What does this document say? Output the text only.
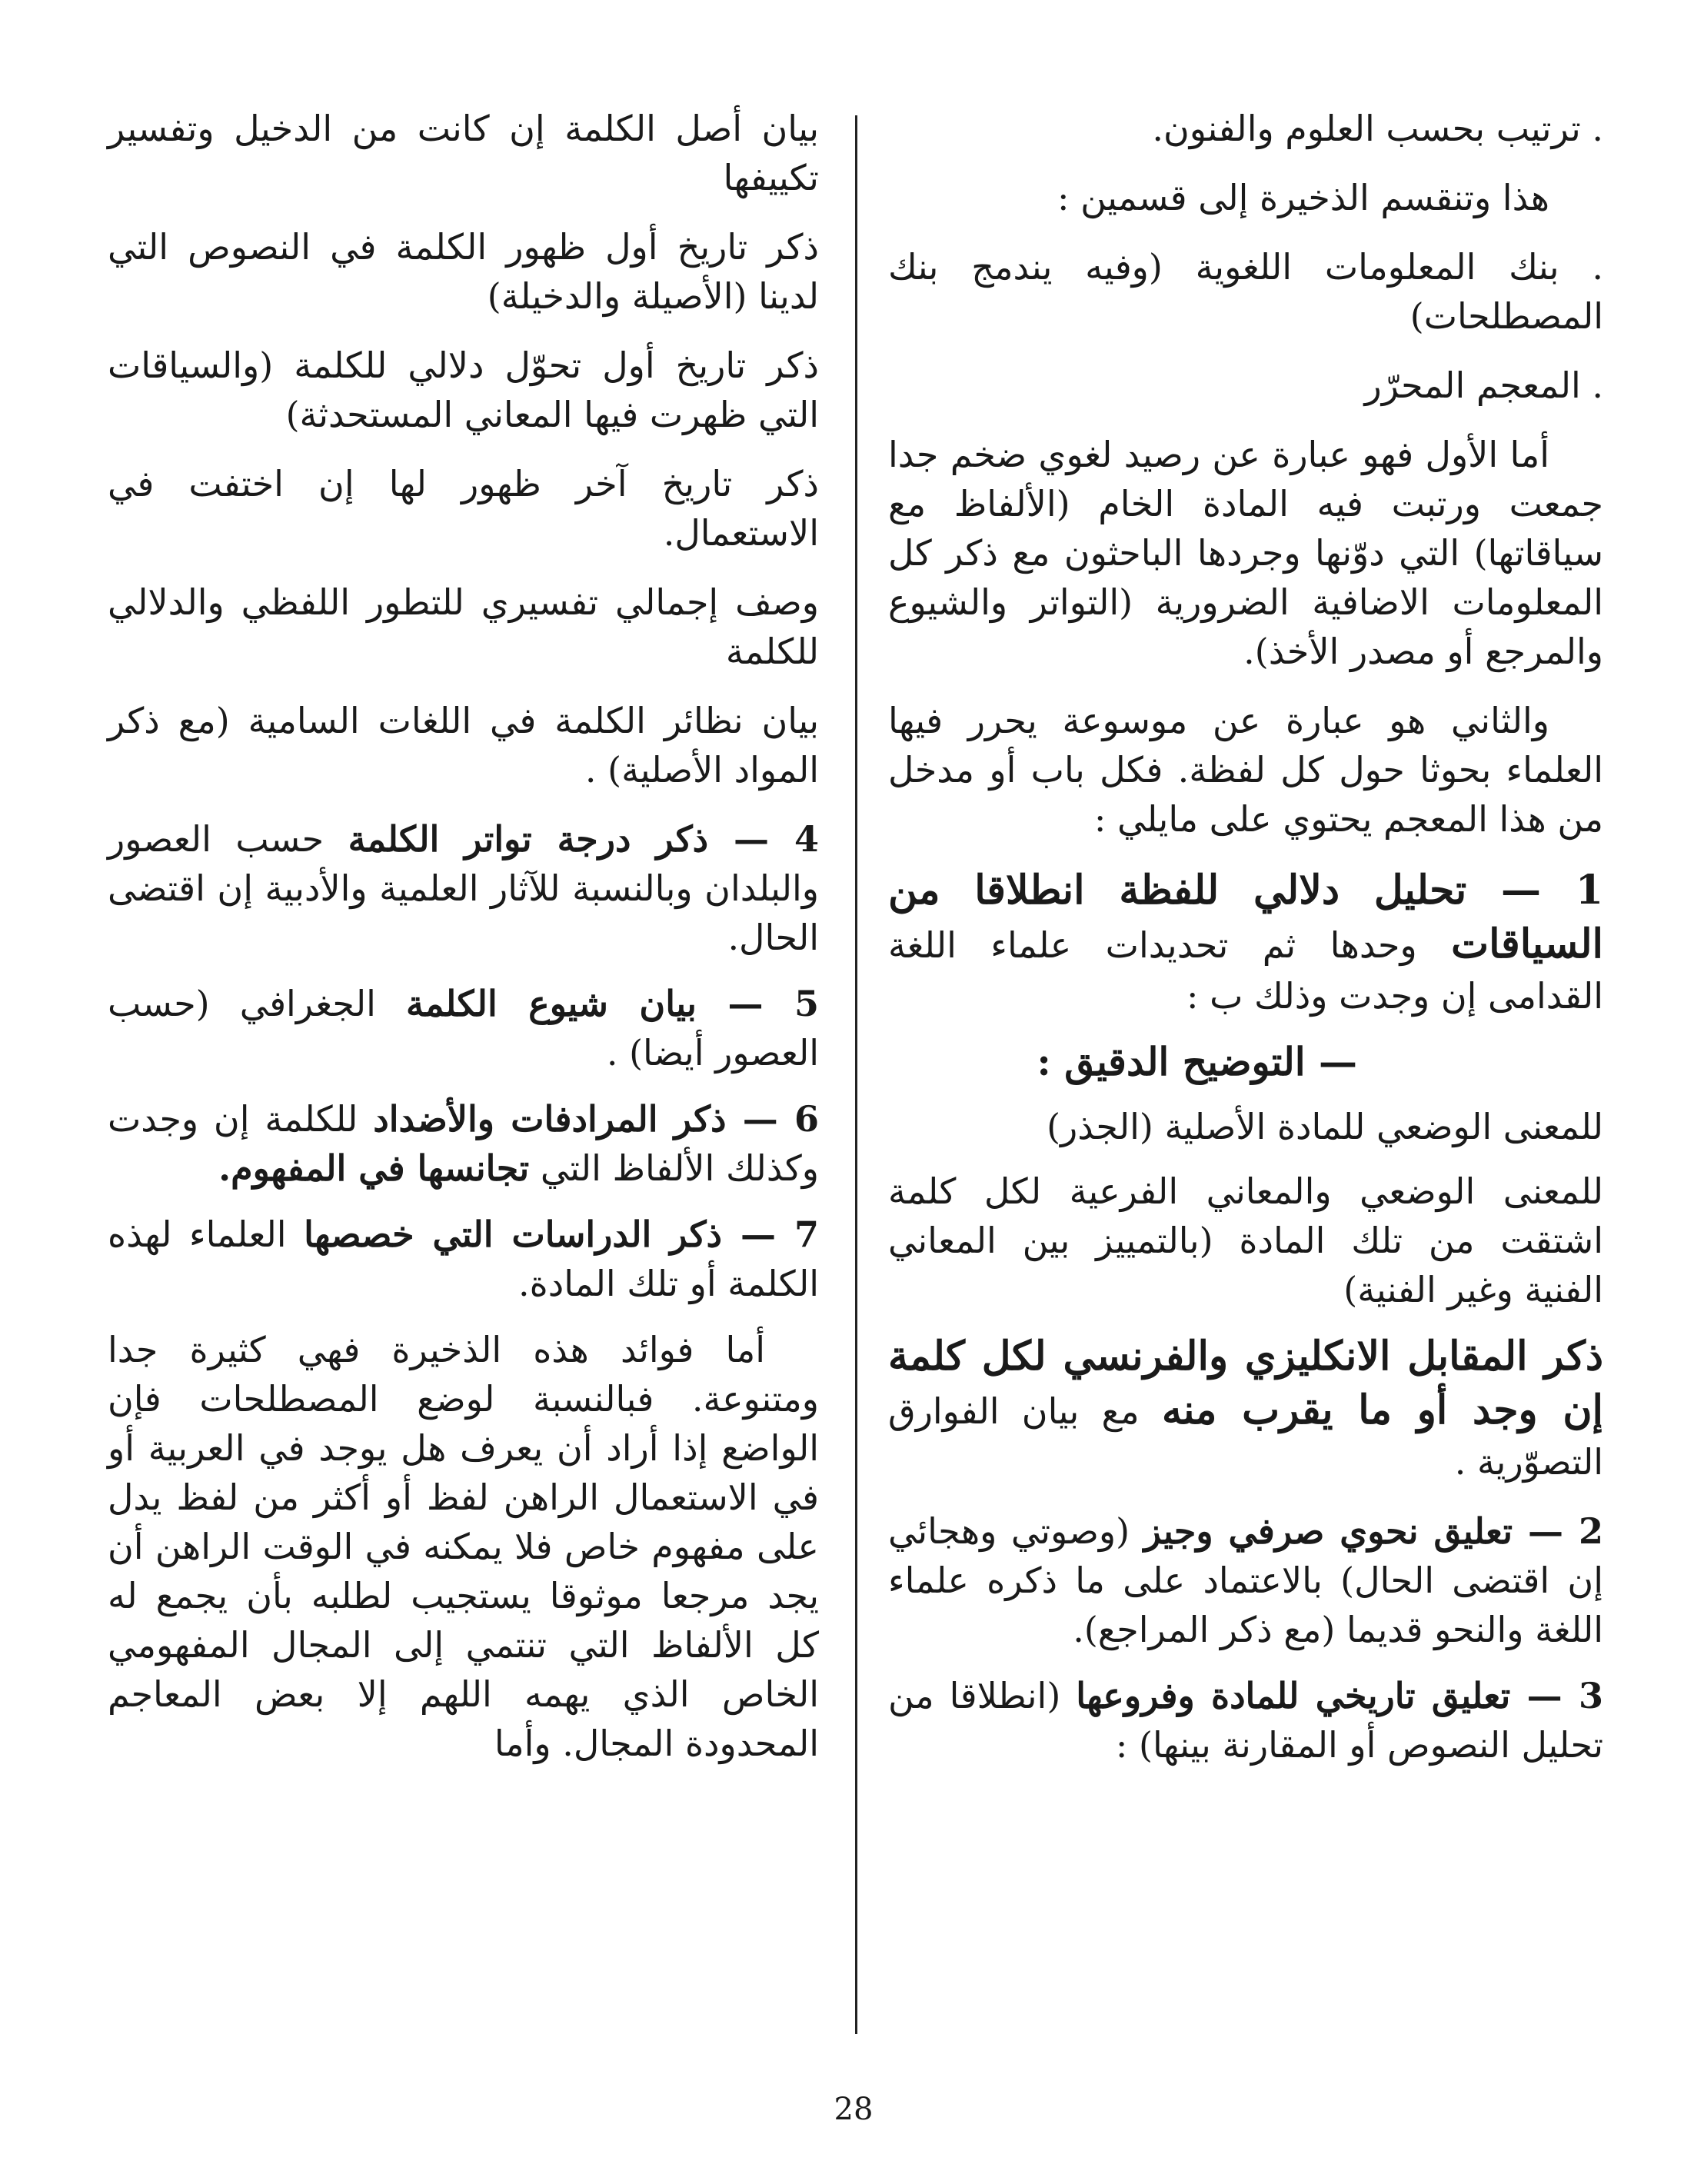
. ترتيب بحسب العلوم والفنون.

هذا وتنقسم الذخيرة إلى قسمين :

. بنك المعلومات اللغوية (وفيه يندمج بنك المصطلحات)

. المعجم المحرّر

أما الأول فهو عبارة عن رصيد لغوي ضخم جدا جمعت ورتبت فيه المادة الخام (الألفاظ مع سياقاتها) التي دوّنها وجردها الباحثون مع ذكر كل المعلومات الاضافية الضرورية (التواتر والشيوع والمرجع أو مصدر الأخذ).

والثاني هو عبارة عن موسوعة يحرر فيها العلماء بحوثا حول كل لفظة. فكل باب أو مدخل من هذا المعجم يحتوي على مايلي :

1 — تحليل دلالي للفظة انطلاقا من السياقات وحدها ثم تحديدات علماء اللغة القدامى إن وجدت وذلك ب :

— التوضيح الدقيق :

للمعنى الوضعي للمادة الأصلية (الجذر)

للمعنى الوضعي والمعاني الفرعية لكل كلمة اشتقت من تلك المادة (بالتمييز بين المعاني الفنية وغير الفنية)

ذكر المقابل الانكليزي والفرنسي لكل كلمة إن وجد أو ما يقرب منه مع بيان الفوارق التصوّرية .

2 — تعليق نحوي صرفي وجيز (وصوتي وهجائي إن اقتضى الحال) بالاعتماد على ما ذكره علماء اللغة والنحو قديما (مع ذكر المراجع).

3 — تعليق تاريخي للمادة وفروعها (انطلاقا من تحليل النصوص أو المقارنة بينها) :

بيان أصل الكلمة إن كانت من الدخيل وتفسير تكييفها

ذكر تاريخ أول ظهور الكلمة في النصوص التي لدينا (الأصيلة والدخيلة)

ذكر تاريخ أول تحوّل دلالي للكلمة (والسياقات التي ظهرت فيها المعاني المستحدثة)

ذكر تاريخ آخر ظهور لها إن اختفت في الاستعمال.

وصف إجمالي تفسيري للتطور اللفظي والدلالي للكلمة

بيان نظائر الكلمة في اللغات السامية (مع ذكر المواد الأصلية) .

4 — ذكر درجة تواتر الكلمة حسب العصور والبلدان وبالنسبة للآثار العلمية والأدبية إن اقتضى الحال.

5 — بيان شيوع الكلمة الجغرافي (حسب العصور أيضا) .

6 — ذكر المرادفات والأضداد للكلمة إن وجدت وكذلك الألفاظ التي تجانسها في المفهوم.

7 — ذكر الدراسات التي خصصها العلماء لهذه الكلمة أو تلك المادة.

أما فوائد هذه الذخيرة فهي كثيرة جدا ومتنوعة. فبالنسبة لوضع المصطلحات فإن الواضع إذا أراد أن يعرف هل يوجد في العربية أو في الاستعمال الراهن لفظ أو أكثر من لفظ يدل على مفهوم خاص فلا يمكنه في الوقت الراهن أن يجد مرجعا موثوقا يستجيب لطلبه بأن يجمع له كل الألفاظ التي تنتمي إلى المجال المفهومي الخاص الذي يهمه اللهم إلا بعض المعاجم المحدودة المجال. وأما

28
